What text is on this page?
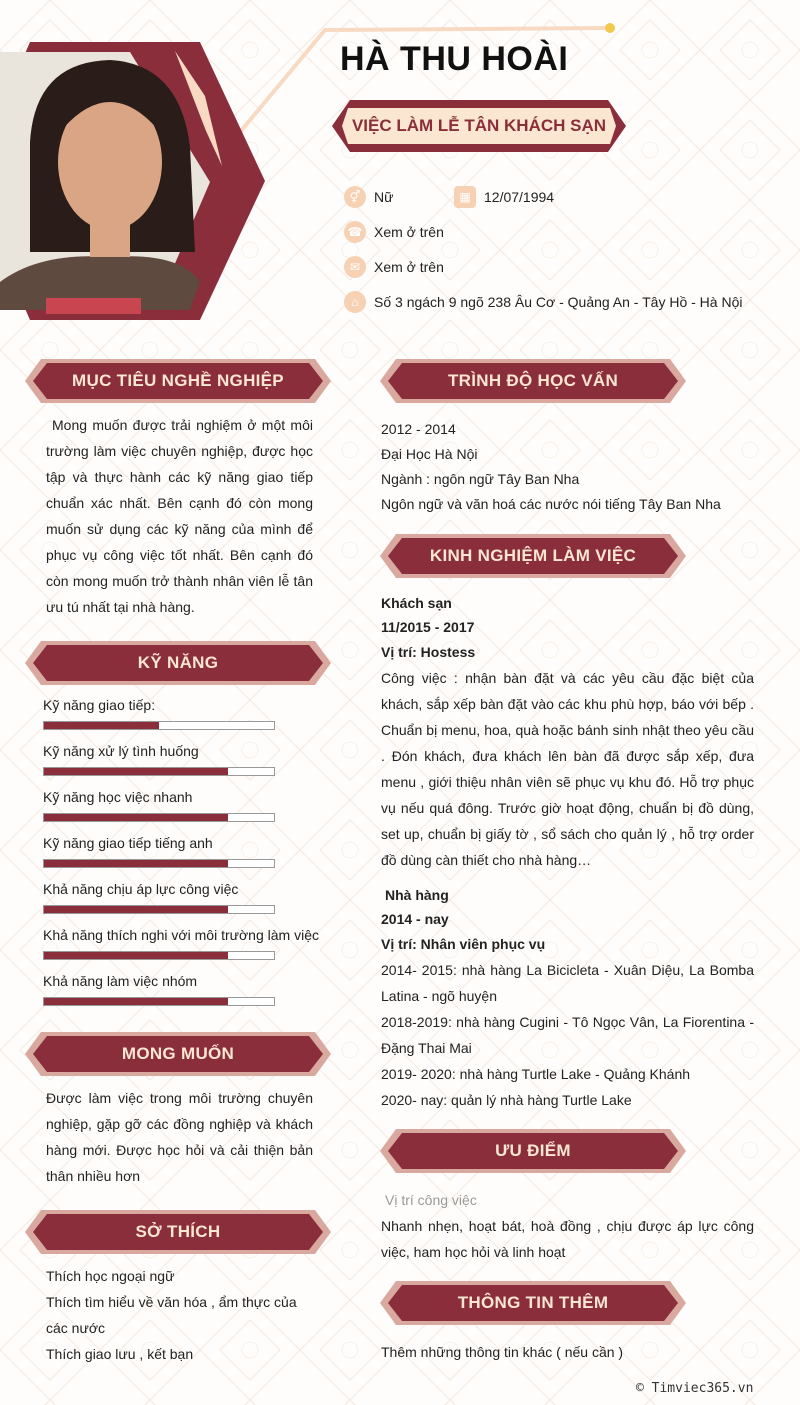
HÀ THU HOÀI
VIỆC LÀM LỄ TÂN KHÁCH SẠN
⚥ Nữ	▦ 12/07/1994
☎ Xem ở trên
✉ Xem ở trên
⌂	Số 3 ngách 9 ngõ 238 Âu Cơ - Quảng An - Tây Hồ - Hà Nội
MỤC TIÊU NGHỀ NGHIỆP
Mong muốn được trải nghiệm ở một môi trường làm việc chuyên nghiệp, được học tập và thực hành các kỹ năng giao tiếp chuẩn xác nhất. Bên cạnh đó còn mong muốn sử dụng các kỹ năng của mình để phục vụ công việc tốt nhất. Bên cạnh đó còn mong muốn trở thành nhân viên lễ tân ưu tú nhất tại nhà hàng.
KỸ NĂNG
Kỹ năng giao tiếp:
Kỹ năng xử lý tình huống
Kỹ năng học việc nhanh
Kỹ năng giao tiếp tiếng anh
Khả năng chịu áp lực công việc
Khả năng thích nghi với môi trường làm việc
Khả năng làm việc nhóm
MONG MUỐN
Được làm việc trong môi trường chuyên nghiệp, gặp gỡ các đồng nghiệp và khách hàng mới. Được học hỏi và cải thiện bản thân nhiều hơn
SỞ THÍCH
Thích học ngoại ngữ
Thích tìm hiểu về văn hóa , ẩm thực của các nước
Thích giao lưu , kết bạn
TRÌNH ĐỘ HỌC VẤN
2012 - 2014
Đại Học Hà Nội
Ngành : ngôn ngữ Tây Ban Nha
Ngôn ngữ và văn hoá các nước nói tiếng Tây Ban Nha
KINH NGHIỆM LÀM VIỆC
Khách sạn
11/2015 - 2017
Vị trí: Hostess
Công việc : nhận bàn đặt và các yêu cầu đặc biệt của khách, sắp xếp bàn đặt vào các khu phù hợp, báo với bếp . Chuẩn bị menu, hoa, quà hoặc bánh sinh nhật theo yêu cầu . Đón khách, đưa khách lên bàn đã được sắp xếp, đưa menu , giới thiệu nhân viên sẽ phục vụ khu đó. Hỗ trợ phục vụ nếu quá đông. Trước giờ hoạt động, chuẩn bị đồ dùng, set up, chuẩn bị giấy tờ , sổ sách cho quản lý , hỗ trợ order đồ dùng càn thiết cho nhà hàng…
Nhà hàng
2014 - nay
Vị trí: Nhân viên phục vụ
2014- 2015: nhà hàng La Bicicleta - Xuân Diệu, La Bomba Latina - ngõ huyện
2018-2019: nhà hàng Cugini - Tô Ngọc Vân, La Fiorentina - Đặng Thai Mai
2019- 2020: nhà hàng Turtle Lake - Quảng Khánh
2020- nay: quản lý nhà hàng Turtle Lake
ƯU ĐIỂM
Vị trí công việc
Nhanh nhẹn, hoạt bát, hoà đồng , chịu được áp lực công việc, ham học hỏi và linh hoạt
THÔNG TIN THÊM
Thêm những thông tin khác ( nếu cần )
© Timviec365.vn
